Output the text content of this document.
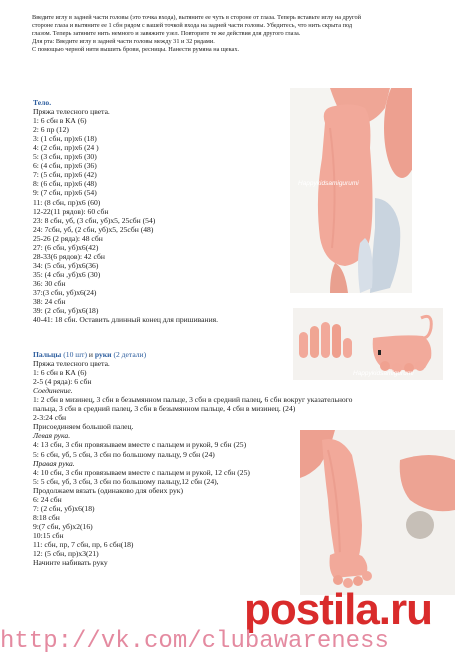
Введите иглу в задней части головы (это точка входа), вытяните ее чуть в стороне от глаза. Теперь вставьте иглу на другой
стороне глаза и вытяните ее 1 сбн рядом с вашей точкой входа на задней части головы. Убедитесь, что нить скрыта под
глазом. Теперь затяните нить немного и завяжите узел. Повторите те же действия для другого глаза.
Для рта: Введите иглу в задней части головы между 31 и 32 рядами.
С помощью черной нити вышить брови, ресницы. Нанести румяна на щеках.
Тело.
Пряжа телесного цвета.
1: 6 сбн в КА (6)
2: 6 пр (12)
3: (1 сбн, пр)х6 (18)
4: (2 сбн, пр)х6 (24 )
5: (3 сбн, пр)х6 (30)
6: (4 сбн, пр)х6 (36)
7: (5 сбн, пр)х6 (42)
8: (6 сбн, пр)х6 (48)
9: (7 сбн, пр)х6 (54)
11: (8 сбн, пр)х6 (60)
12-22(11 рядов): 60 сбн
23: 8 сбн, уб, (3 сбн, уб)х5, 25сбн (54)
24: 7сбн, уб, (2 сбн, уб)х5, 25сбн (48)
25-26 (2 ряда): 48 сбн
27: (6 сбн, уб)х6(42)
28-33(6 рядов): 42 сбн
34: (5 сбн, уб)х6(36)
35: (4 сбн ,уб)х6 (30)
36: 30 сбн
37:(3 сбн, уб)х6(24)
38: 24 сбн
39: (2 сбн, уб)х6(18)
40-41: 18 сбн. Оставить длинный конец для пришивания.
Happykidsamigurumi
Happykidsamigurumi
Пальцы (10 шт) и руки (2 детали)
Пряжа телесного цвета.
1: 6 сбн в КА (6)
2-5 (4 ряда): 6 сбн
Соединение.
1: 2 сбн в мизинец, 3 сбн в безымянном пальце, 3 сбн в средний палец, 6 сбн вокруг указательного
пальца, 3 сбн в средний палец, 3 сбн в безымянном пальце, 4 сбн в мизинец. (24)
2-3:24 сбн
Присоединяем большой палец.
Левая рука.
4: 13 сбн, 3 сбн провязываем вместе с пальцем и рукой, 9 сбн (25)
5: 6 сбн, уб, 5 сбн, 3 сбн по большому пальцу, 9 сбн (24)
Правая рука.
4: 10 сбн, 3 сбн провязываем вместе с пальцем и рукой, 12 сбн (25)
5: 5 сбн, уб, 3 сбн, 3 сбн по большому пальцу,12 сбн (24),
Продолжаем вязать (одинаково для обеих рук)
6: 24 сбн
7: (2 сбн, уб)х6(18)
8:18 сбн
9:(7 сбн, уб)х2(16)
10:15 сбн
11: сбн, пр, 7 сбн, пр, 6 сбн(18)
12: (5 сбн, пр)х3(21)
Начинте набивать руку
postila.ru
http://vk.com/clubawareness
